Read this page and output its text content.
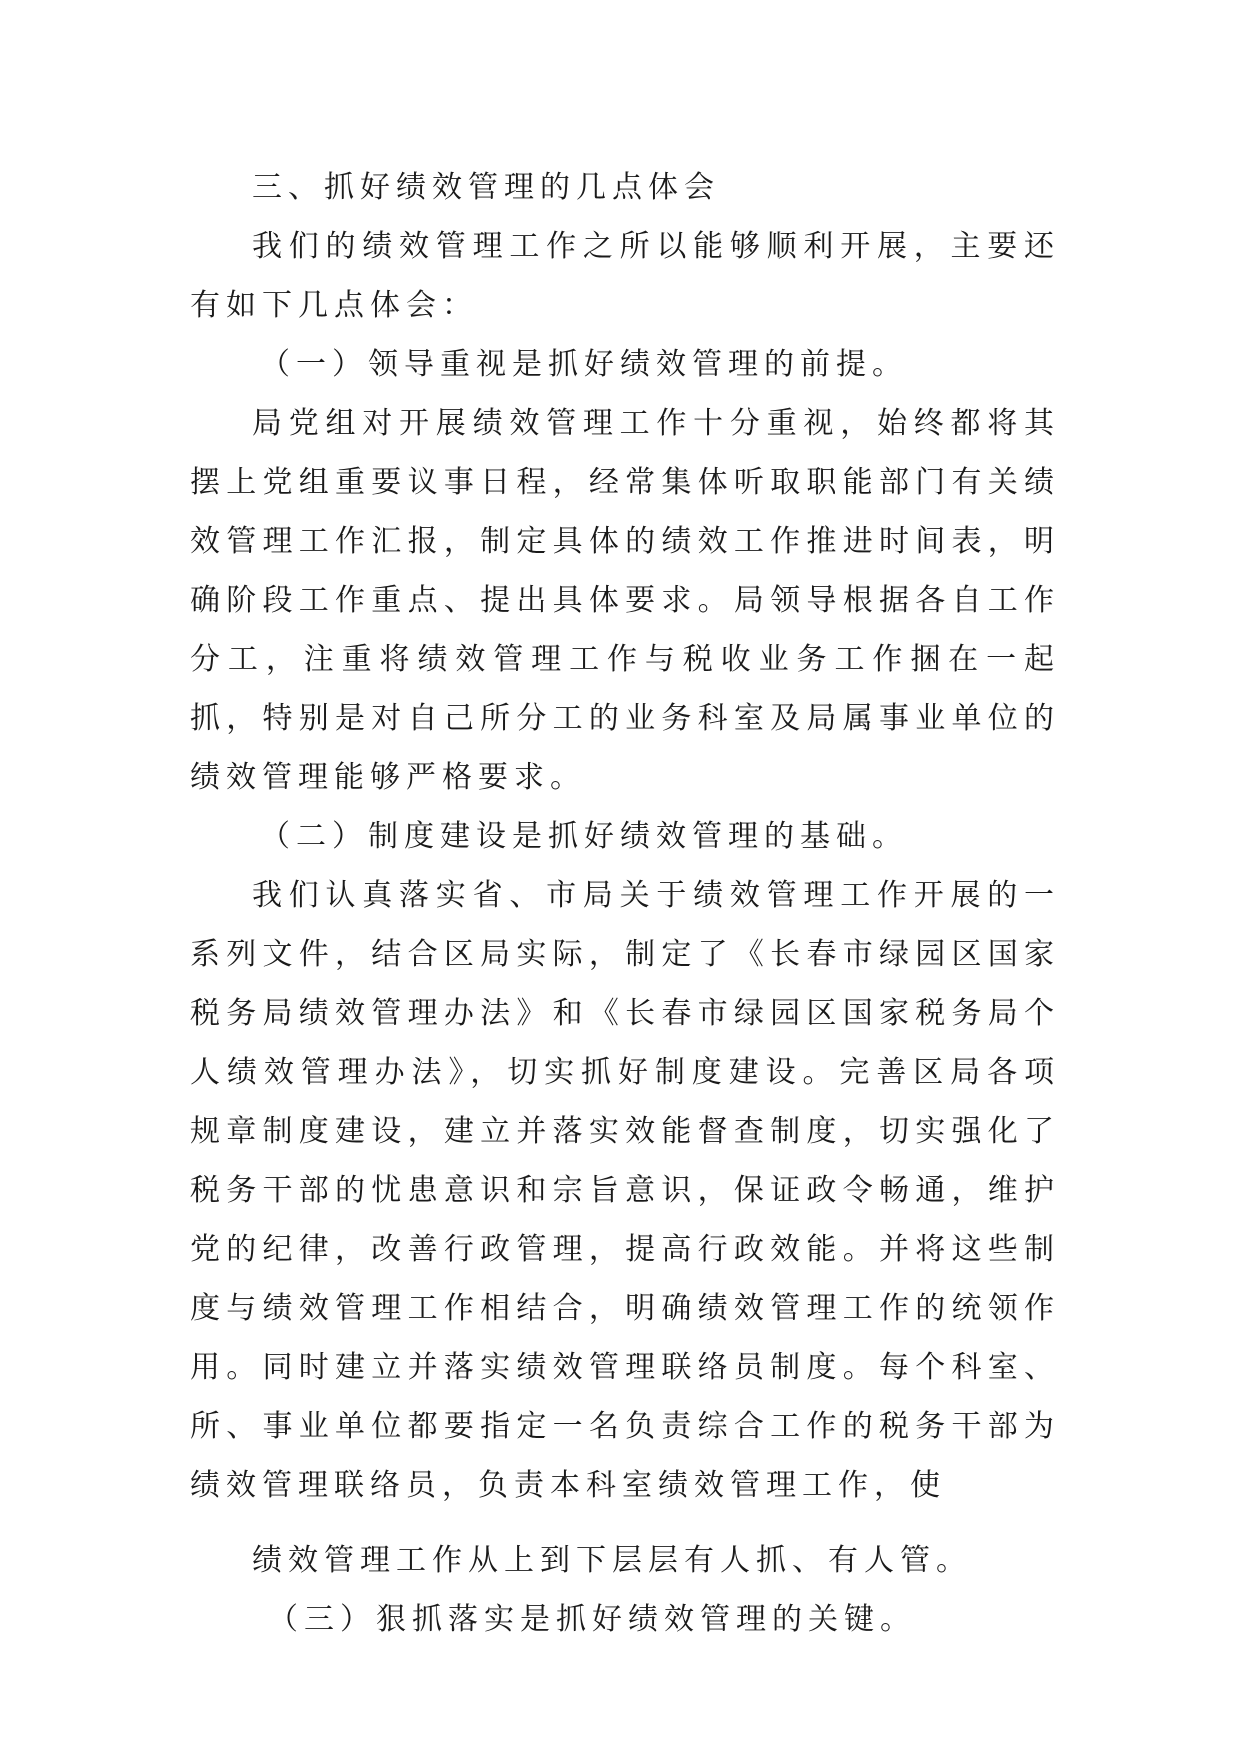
三、抓好绩效管理的几点体会

我们的绩效管理工作之所以能够顺利开展，主要还有如下几点体会：

（一）领导重视是抓好绩效管理的前提。

局党组对开展绩效管理工作十分重视，始终都将其摆上党组重要议事日程，经常集体听取职能部门有关绩效管理工作汇报，制定具体的绩效工作推进时间表，明确阶段工作重点、提出具体要求。局领导根据各自工作分工，注重将绩效管理工作与税收业务工作捆在一起抓，特别是对自己所分工的业务科室及局属事业单位的绩效管理能够严格要求。

（二）制度建设是抓好绩效管理的基础。

我们认真落实省、市局关于绩效管理工作开展的一系列文件，结合区局实际，制定了《长春市绿园区国家税务局绩效管理办法》和《长春市绿园区国家税务局个人绩效管理办法》，切实抓好制度建设。完善区局各项规章制度建设，建立并落实效能督查制度，切实强化了税务干部的忧患意识和宗旨意识，保证政令畅通，维护党的纪律，改善行政管理，提高行政效能。并将这些制度与绩效管理工作相结合，明确绩效管理工作的统领作用。同时建立并落实绩效管理联络员制度。每个科室、所、事业单位都要指定一名负责综合工作的税务干部为绩效管理联络员，负责本科室绩效管理工作，使

绩效管理工作从上到下层层有人抓、有人管。

（三）狠抓落实是抓好绩效管理的关键。
